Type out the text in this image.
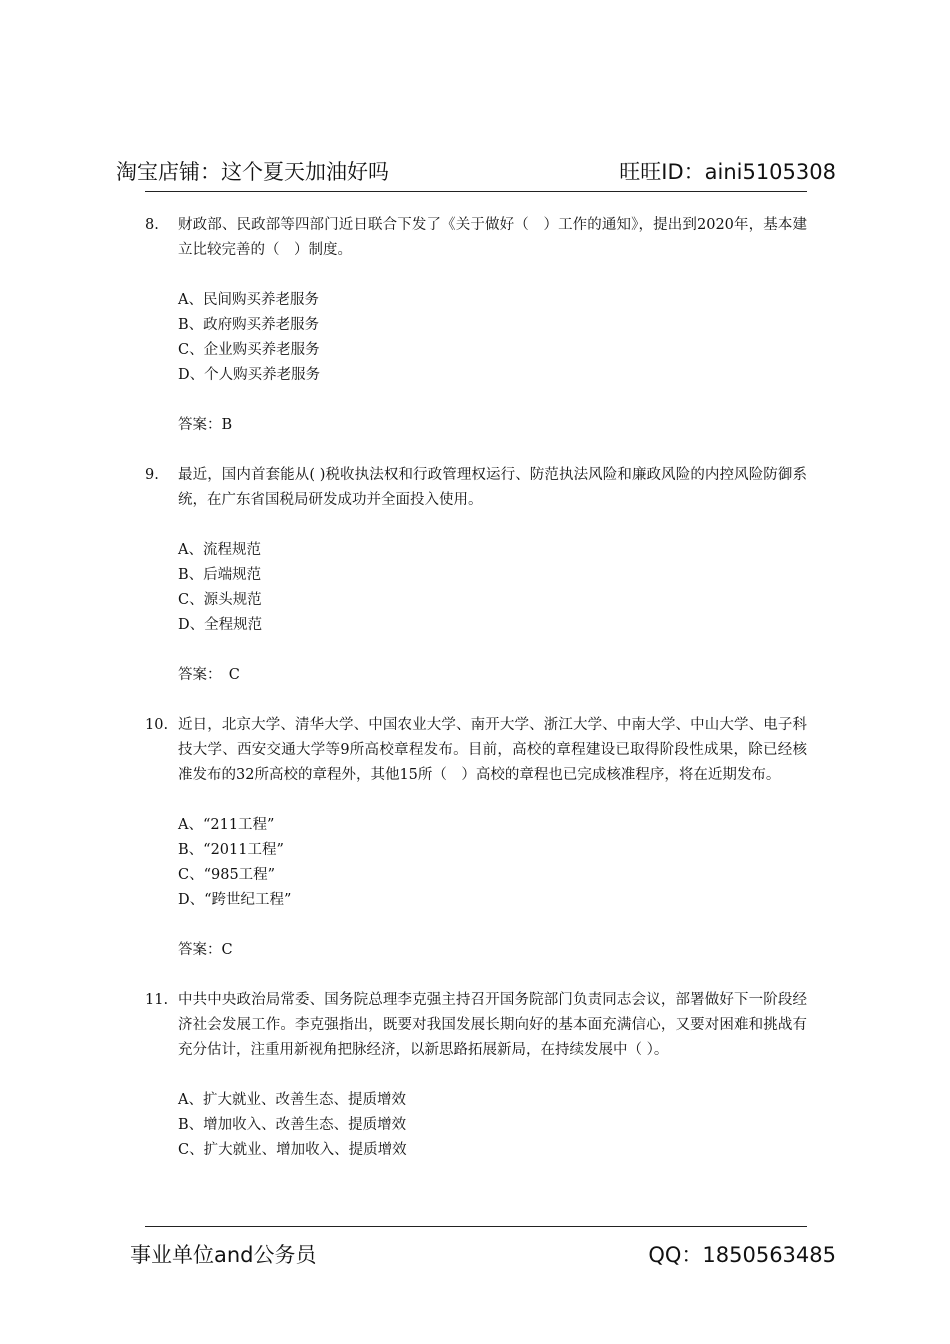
淘宝店铺：这个夏天加油好吗	旺旺ID：aini5105308
8.	财政部、民政部等四部门近日联合下发了《关于做好（　）工作的通知》，提出到2020年，基本建立比较完善的（　）制度。
A、民间购买养老服务
B、政府购买养老服务
C、企业购买养老服务
D、个人购买养老服务
答案：B
9.	最近，国内首套能从( )税收执法权和行政管理权运行、防范执法风险和廉政风险的内控风险防御系统，在广东省国税局研发成功并全面投入使用。
A、流程规范
B、后端规范
C、源头规范
D、全程规范
答案：　C
10. 近日，北京大学、清华大学、中国农业大学、南开大学、浙江大学、中南大学、中山大学、电子科技大学、西安交通大学等9所高校章程发布。目前，高校的章程建设已取得阶段性成果，除已经核准发布的32所高校的章程外，其他15所（　）高校的章程也已完成核准程序，将在近期发布。
A、“211工程”
B、“2011工程”
C、“985工程”
D、“跨世纪工程”
答案：C
11. 中共中央政治局常委、国务院总理李克强主持召开国务院部门负责同志会议，部署做好下一阶段经济社会发展工作。李克强指出，既要对我国发展长期向好的基本面充满信心，又要对困难和挑战有充分估计，注重用新视角把脉经济，以新思路拓展新局，在持续发展中（ ）。
A、扩大就业、改善生态、提质增效
B、增加收入、改善生态、提质增效
C、扩大就业、增加收入、提质增效
事业单位and公务员	QQ：1850563485
